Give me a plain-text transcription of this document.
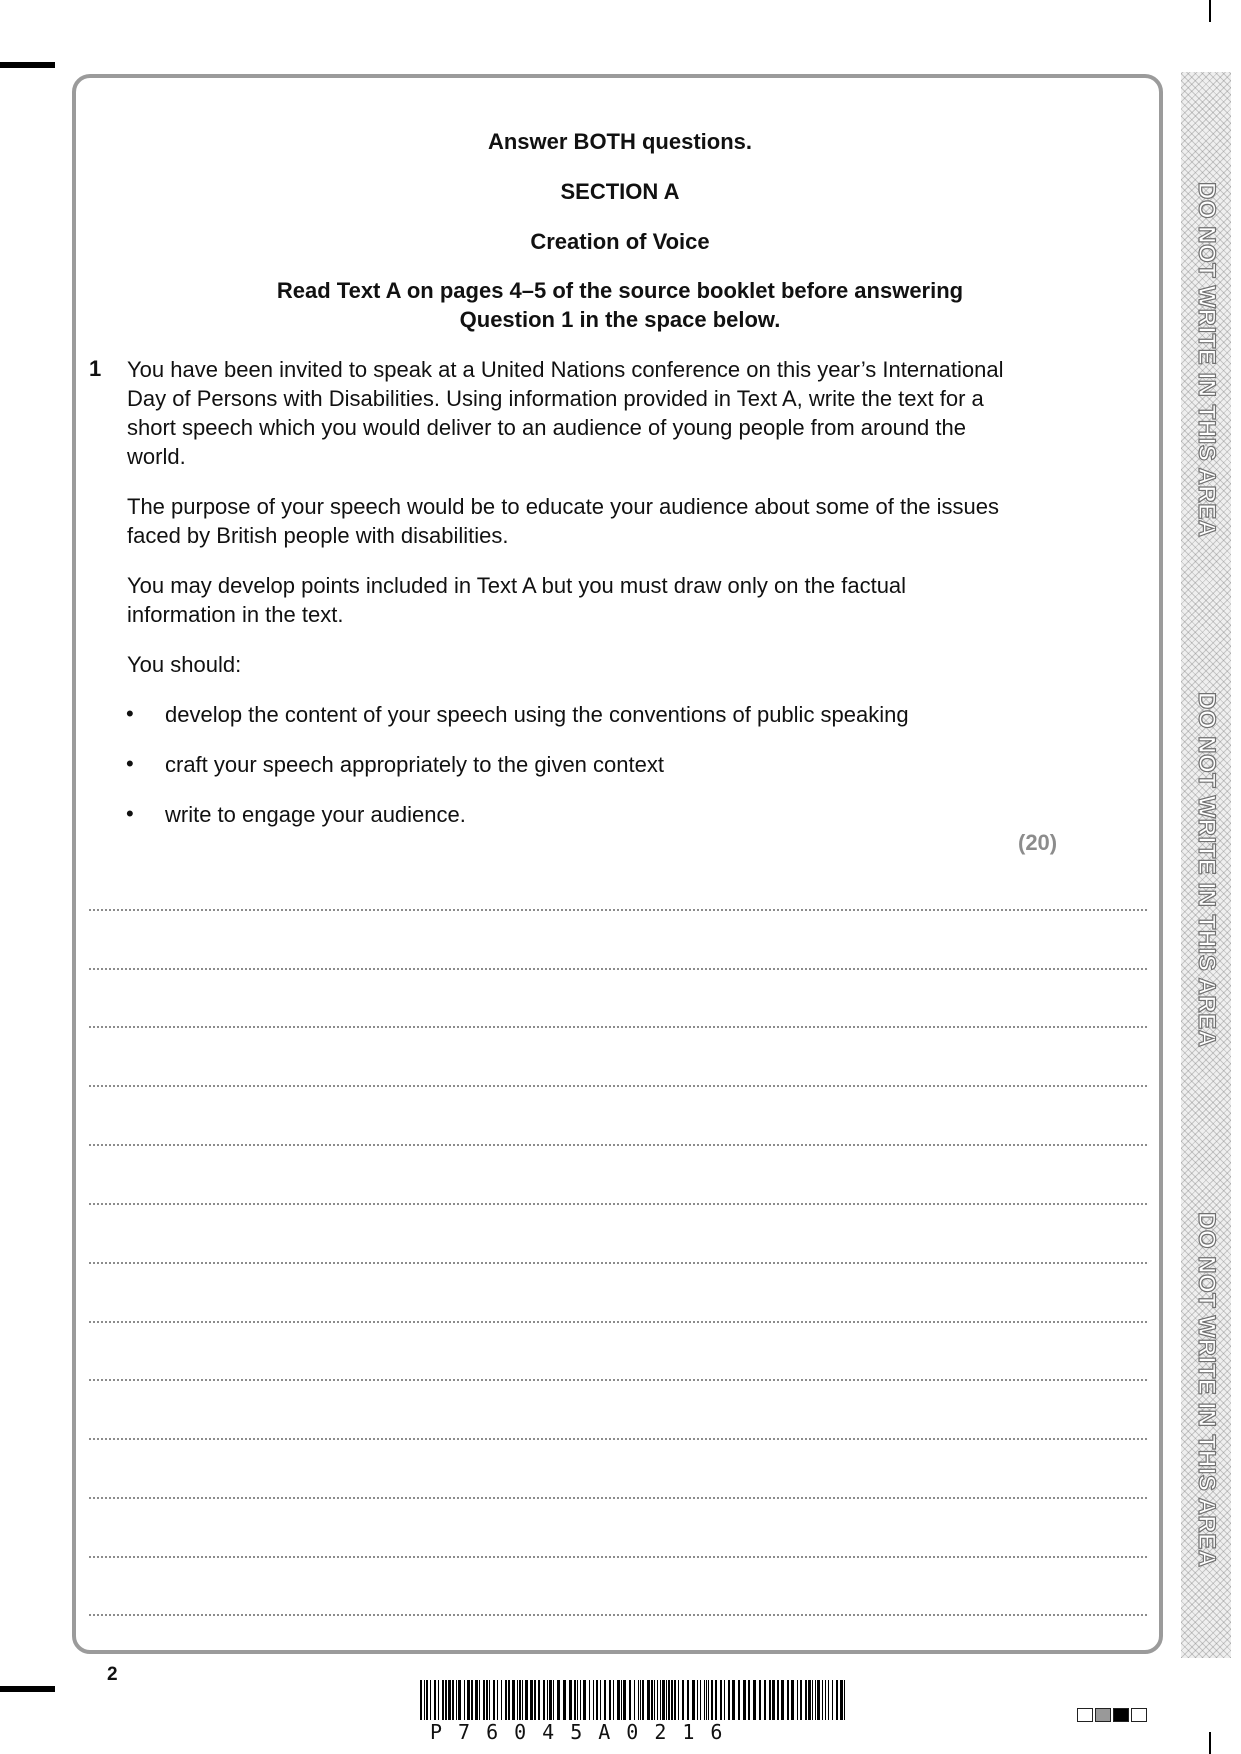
DO NOT WRITE IN THIS AREA
DO NOT WRITE IN THIS AREA
DO NOT WRITE IN THIS AREA
Answer BOTH questions.
SECTION A
Creation of Voice
Read Text A on pages 4–5 of the source booklet before answering
Question 1 in the space below.
1 You have been invited to speak at a United Nations conference on this year’s International Day of Persons with Disabilities. Using information provided in Text A, write the text for a short speech which you would deliver to an audience of young people from around the world.

The purpose of your speech would be to educate your audience about some of the issues faced by British people with disabilities.

You may develop points included in Text A but you must draw only on the factual information in the text.

You should:

• develop the content of your speech using the conventions of public speaking
• craft your speech appropriately to the given context
• write to engage your audience.
(20)
2
P76045A0216
